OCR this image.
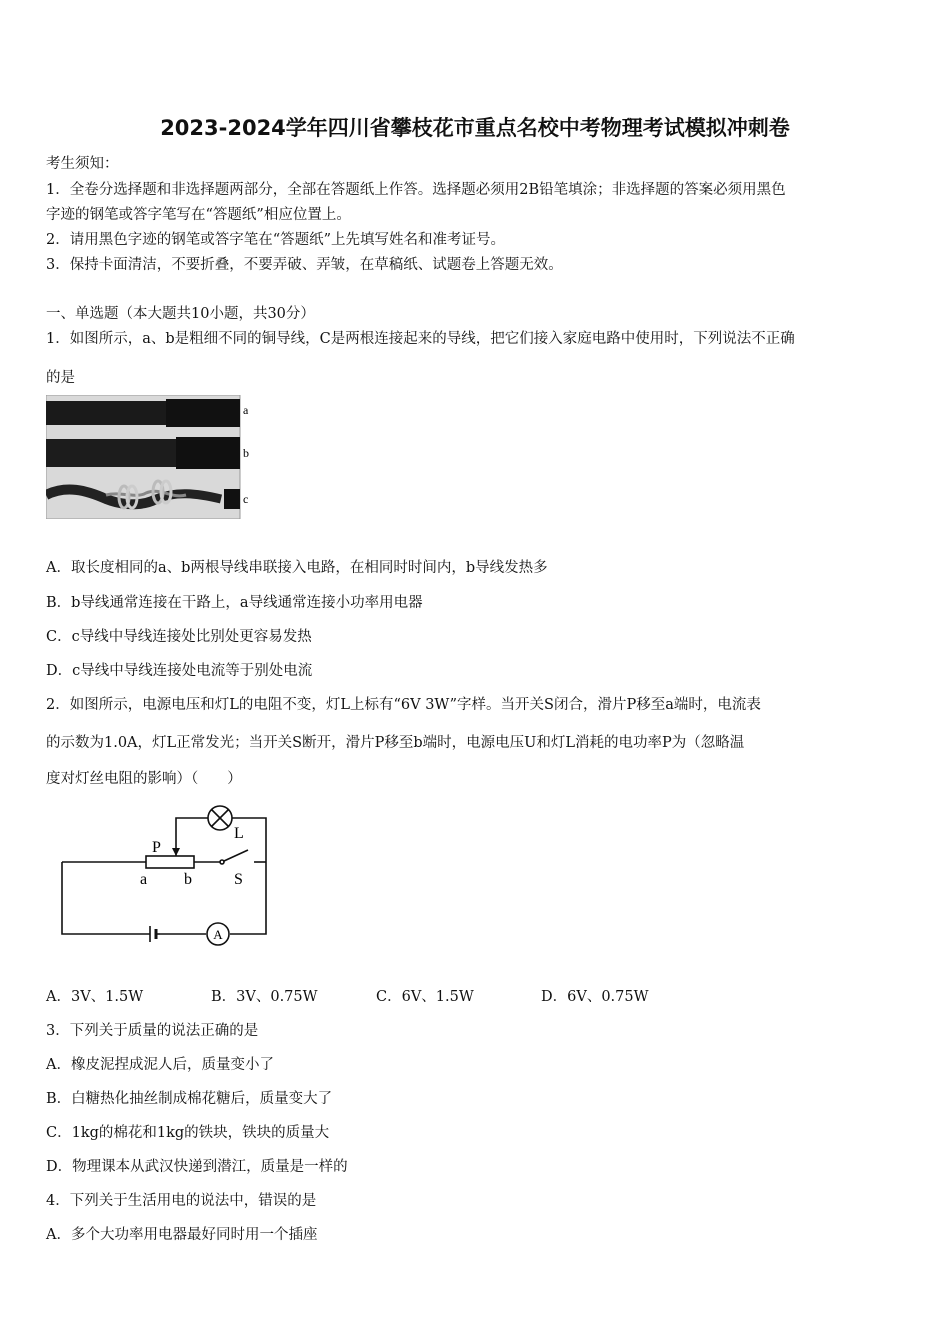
2023-2024学年四川省攀枝花市重点名校中考物理考试模拟冲刺卷
考生须知：
1．全卷分选择题和非选择题两部分，全部在答题纸上作答。选择题必须用2B铅笔填涂；非选择题的答案必须用黑色
字迹的钢笔或答字笔写在“答题纸”相应位置上。
2．请用黑色字迹的钢笔或答字笔在“答题纸”上先填写姓名和准考证号。
3．保持卡面清洁，不要折叠，不要弄破、弄皱，在草稿纸、试题卷上答题无效。
一、单选题（本大题共10小题，共30分）
1．如图所示，a、b是粗细不同的铜导线，C是两根连接起来的导线，把它们接入家庭电路中使用时，下列说法不正确
的是
a
b
c
A．取长度相同的a、b两根导线串联接入电路，在相同时时间内，b导线发热多
B．b导线通常连接在干路上，a导线通常连接小功率用电器
C．c导线中导线连接处比别处更容易发热
D．c导线中导线连接处电流等于别处电流
2．如图所示，电源电压和灯L的电阻不变，灯L上标有“6V 3W”字样。当开关S闭合，滑片P移至a端时，电流表
的示数为1.0A，灯L正常发光；当开关S断开，滑片P移至b端时，电源电压U和灯L消耗的电功率P为（忽略温
度对灯丝电阻的影响）（　　）
A
P
L
a b	S
A．3V、1.5W	B．3V、0.75W	C．6V、1.5W	D．6V、0.75W
3．下列关于质量的说法正确的是
A．橡皮泥捏成泥人后，质量变小了
B．白糖热化抽丝制成棉花糖后，质量变大了
C．1kg的棉花和1kg的铁块，铁块的质量大
D．物理课本从武汉快递到潜江，质量是一样的
4．下列关于生活用电的说法中，错误的是
A．多个大功率用电器最好同时用一个插座
